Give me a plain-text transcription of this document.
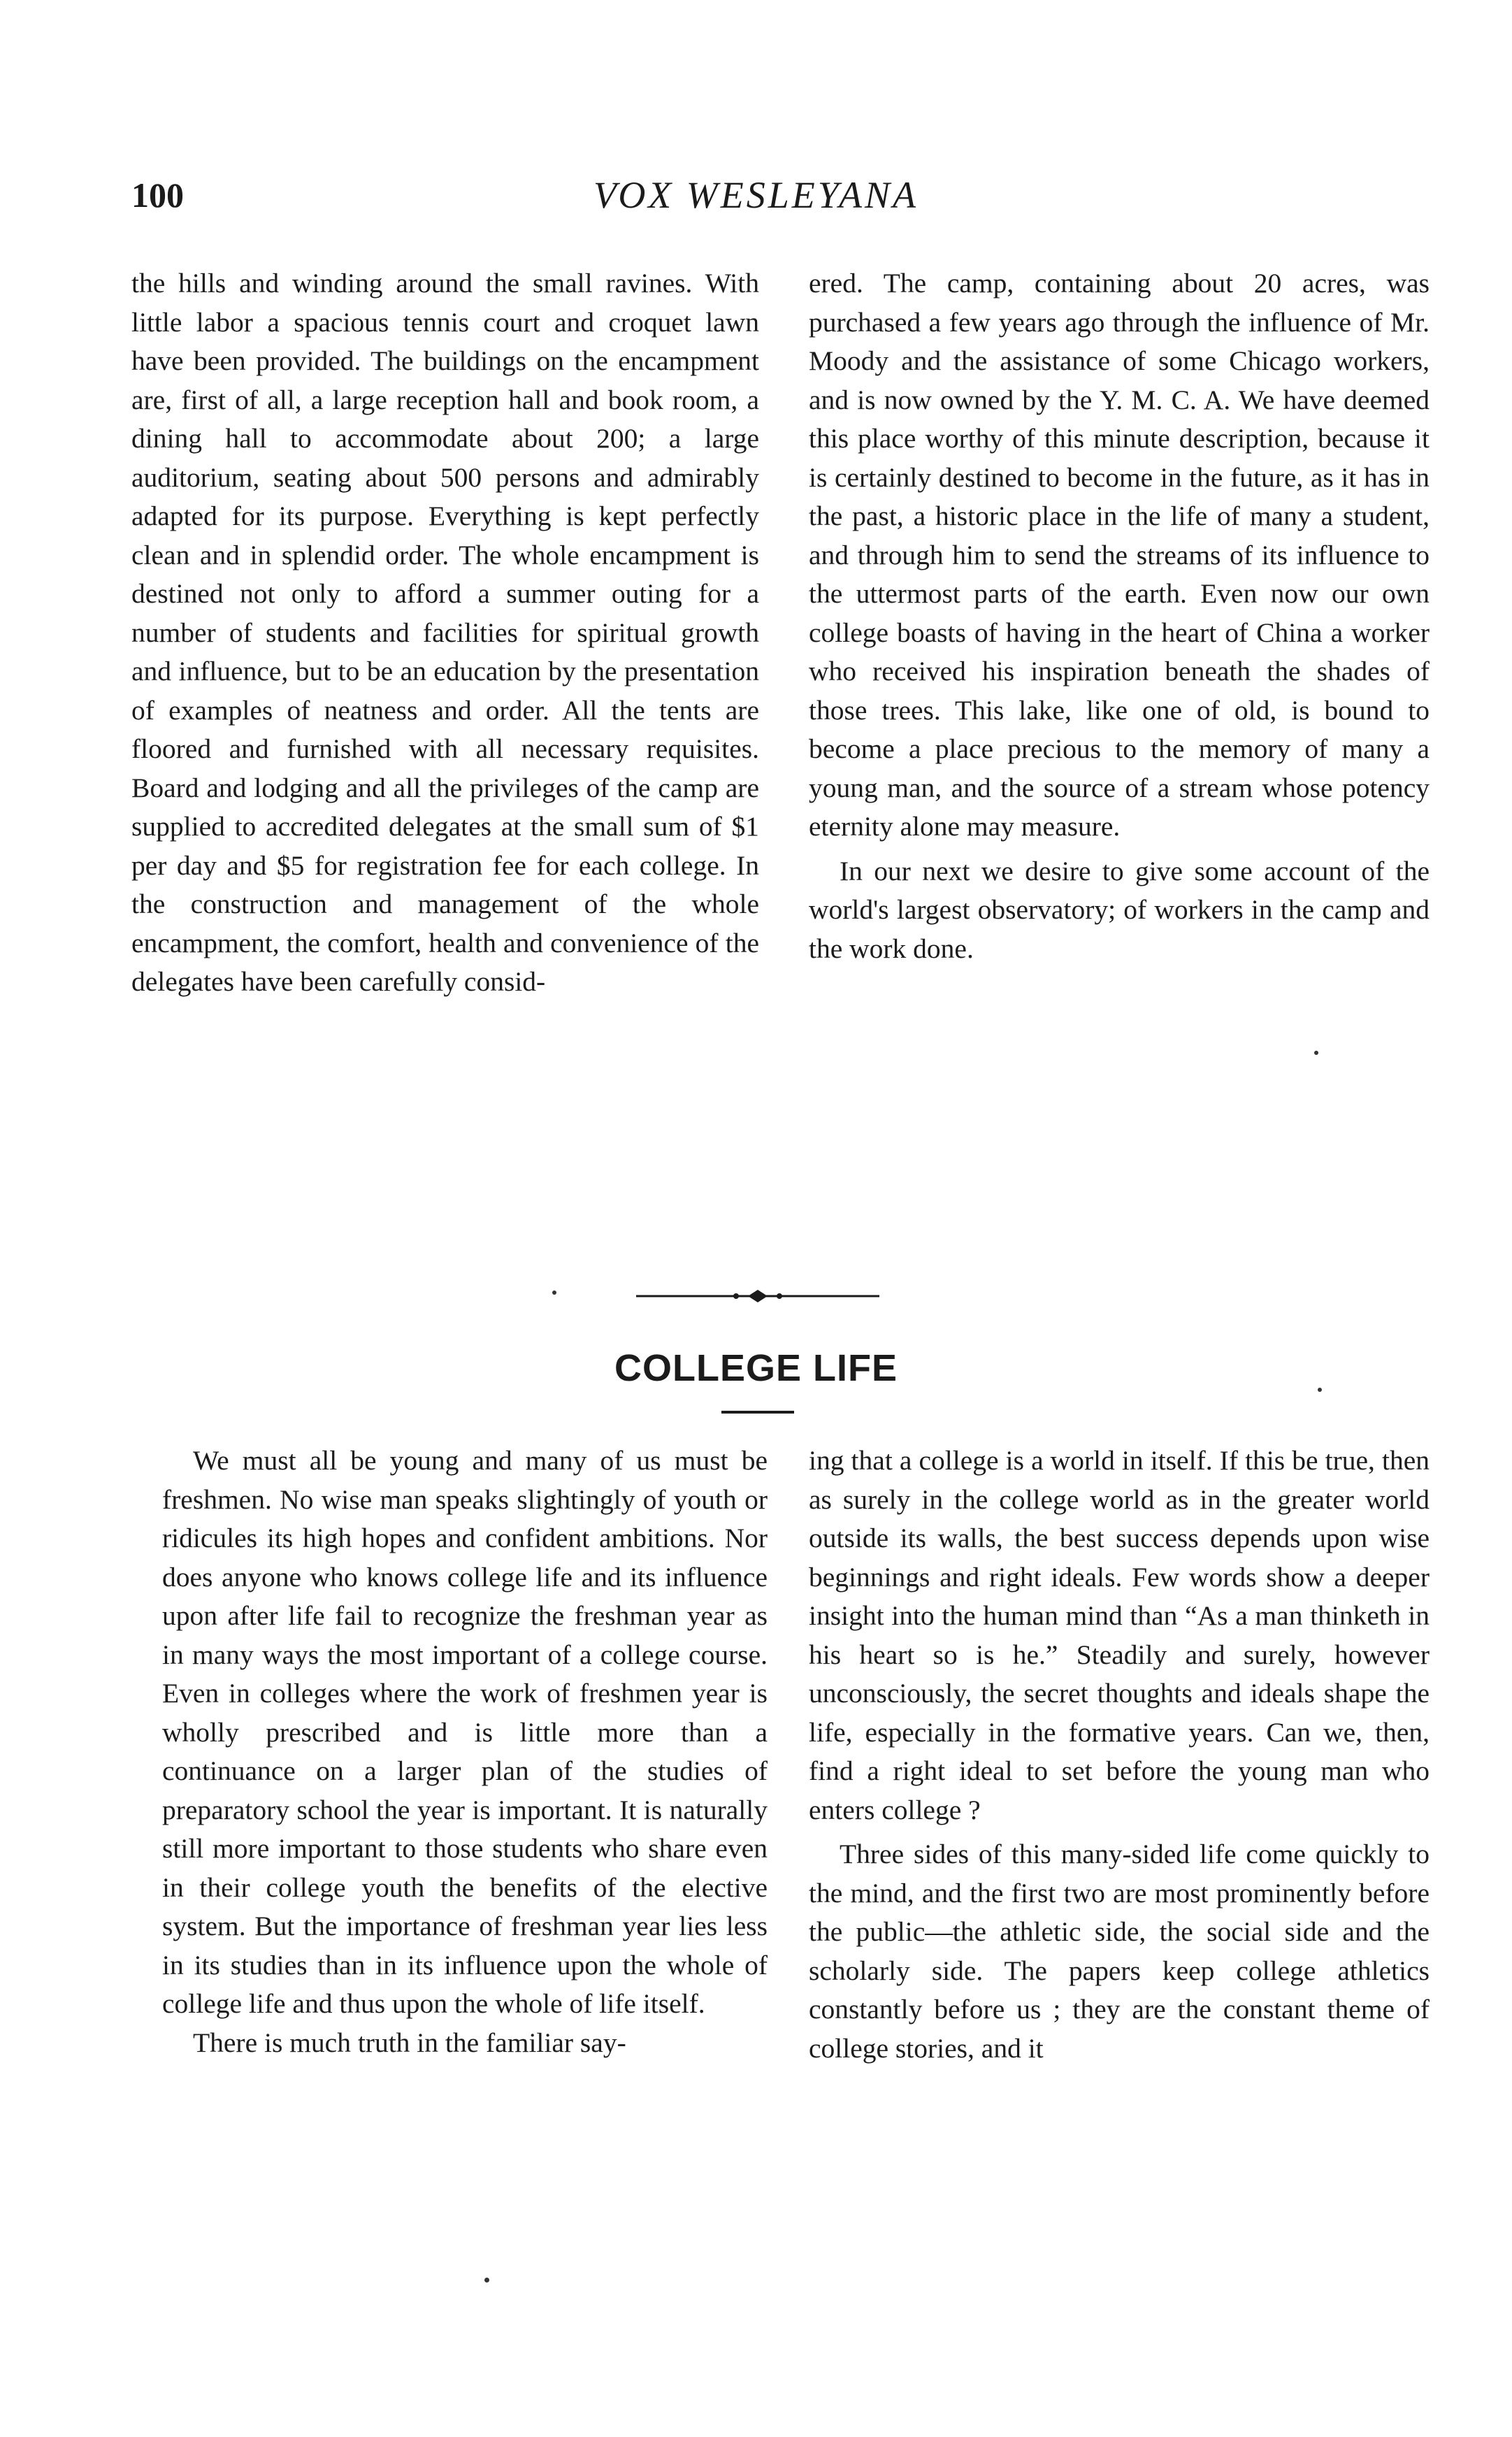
100	VOX WESLEYANA

the hills and winding around the small ravines. With little labor a spacious tennis court and croquet lawn have been provided. The buildings on the encampment are, first of all, a large reception hall and book room, a dining hall to accommodate about 200; a large auditorium, seating about 500 persons and admirably adapted for its purpose. Everything is kept perfectly clean and in splendid order. The whole encampment is destined not only to afford a summer outing for a number of students and facilities for spiritual growth and influence, but to be an education by the presentation of examples of neatness and order. All the tents are floored and furnished with all necessary requisites. Board and lodging and all the privileges of the camp are supplied to accredited delegates at the small sum of $1 per day and $5 for registration fee for each college. In the construction and management of the whole encampment, the comfort, health and convenience of the delegates have been carefully consid-

ered. The camp, containing about 20 acres, was purchased a few years ago through the influence of Mr. Moody and the assistance of some Chicago workers, and is now owned by the Y. M. C. A. We have deemed this place worthy of this minute description, because it is certainly destined to become in the future, as it has in the past, a historic place in the life of many a student, and through him to send the streams of its influence to the uttermost parts of the earth. Even now our own college boasts of having in the heart of China a worker who received his inspiration beneath the shades of those trees. This lake, like one of old, is bound to become a place precious to the memory of many a young man, and the source of a stream whose potency eternity alone may measure.

In our next we desire to give some account of the world's largest observatory; of workers in the camp and the work done.

COLLEGE LIFE

We must all be young and many of us must be freshmen. No wise man speaks slightingly of youth or ridicules its high hopes and confident ambitions. Nor does anyone who knows college life and its influence upon after life fail to recognize the freshman year as in many ways the most important of a college course. Even in colleges where the work of freshmen year is wholly prescribed and is little more than a continuance on a larger plan of the studies of preparatory school the year is important. It is naturally still more important to those students who share even in their college youth the benefits of the elective system. But the importance of freshman year lies less in its studies than in its influence upon the whole of college life and thus upon the whole of life itself.

There is much truth in the familiar say-

ing that a college is a world in itself. If this be true, then as surely in the college world as in the greater world outside its walls, the best success depends upon wise beginnings and right ideals. Few words show a deeper insight into the human mind than “As a man thinketh in his heart so is he.” Steadily and surely, however unconsciously, the secret thoughts and ideals shape the life, especially in the formative years. Can we, then, find a right ideal to set before the young man who enters college ?

Three sides of this many-sided life come quickly to the mind, and the first two are most prominently before the public—the athletic side, the social side and the scholarly side. The papers keep college athletics constantly before us ; they are the constant theme of college stories, and it
